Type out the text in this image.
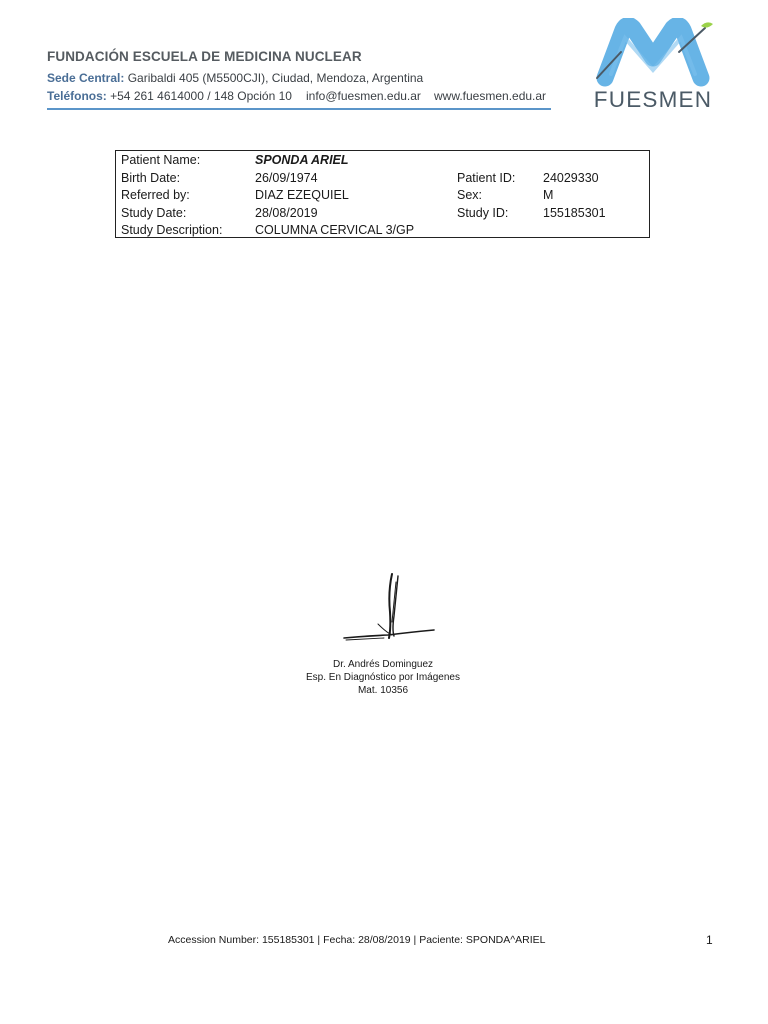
FUNDACIÓN ESCUELA DE MEDICINA NUCLEAR
Sede Central: Garibaldi 405 (M5500CJI), Ciudad, Mendoza, Argentina
Teléfonos: +54 261 4614000 / 148 Opción 10 info@fuesmen.edu.ar www.fuesmen.edu.ar	FUESMEN
Patient Name:	SPONDA ARIEL
Birth Date:	26/09/1974	Patient ID: 24029330
Referred by:	DIAZ EZEQUIEL	Sex:	M
Study Date:	28/08/2019	Study ID:	155185301
Study Description:	COLUMNA CERVICAL 3/GP
Dr. Andrés Dominguez
Esp. En Diagnóstico por Imágenes
Mat. 10356
Accession Number: 155185301 | Fecha: 28/08/2019 | Paciente: SPONDA^ARIEL	1
